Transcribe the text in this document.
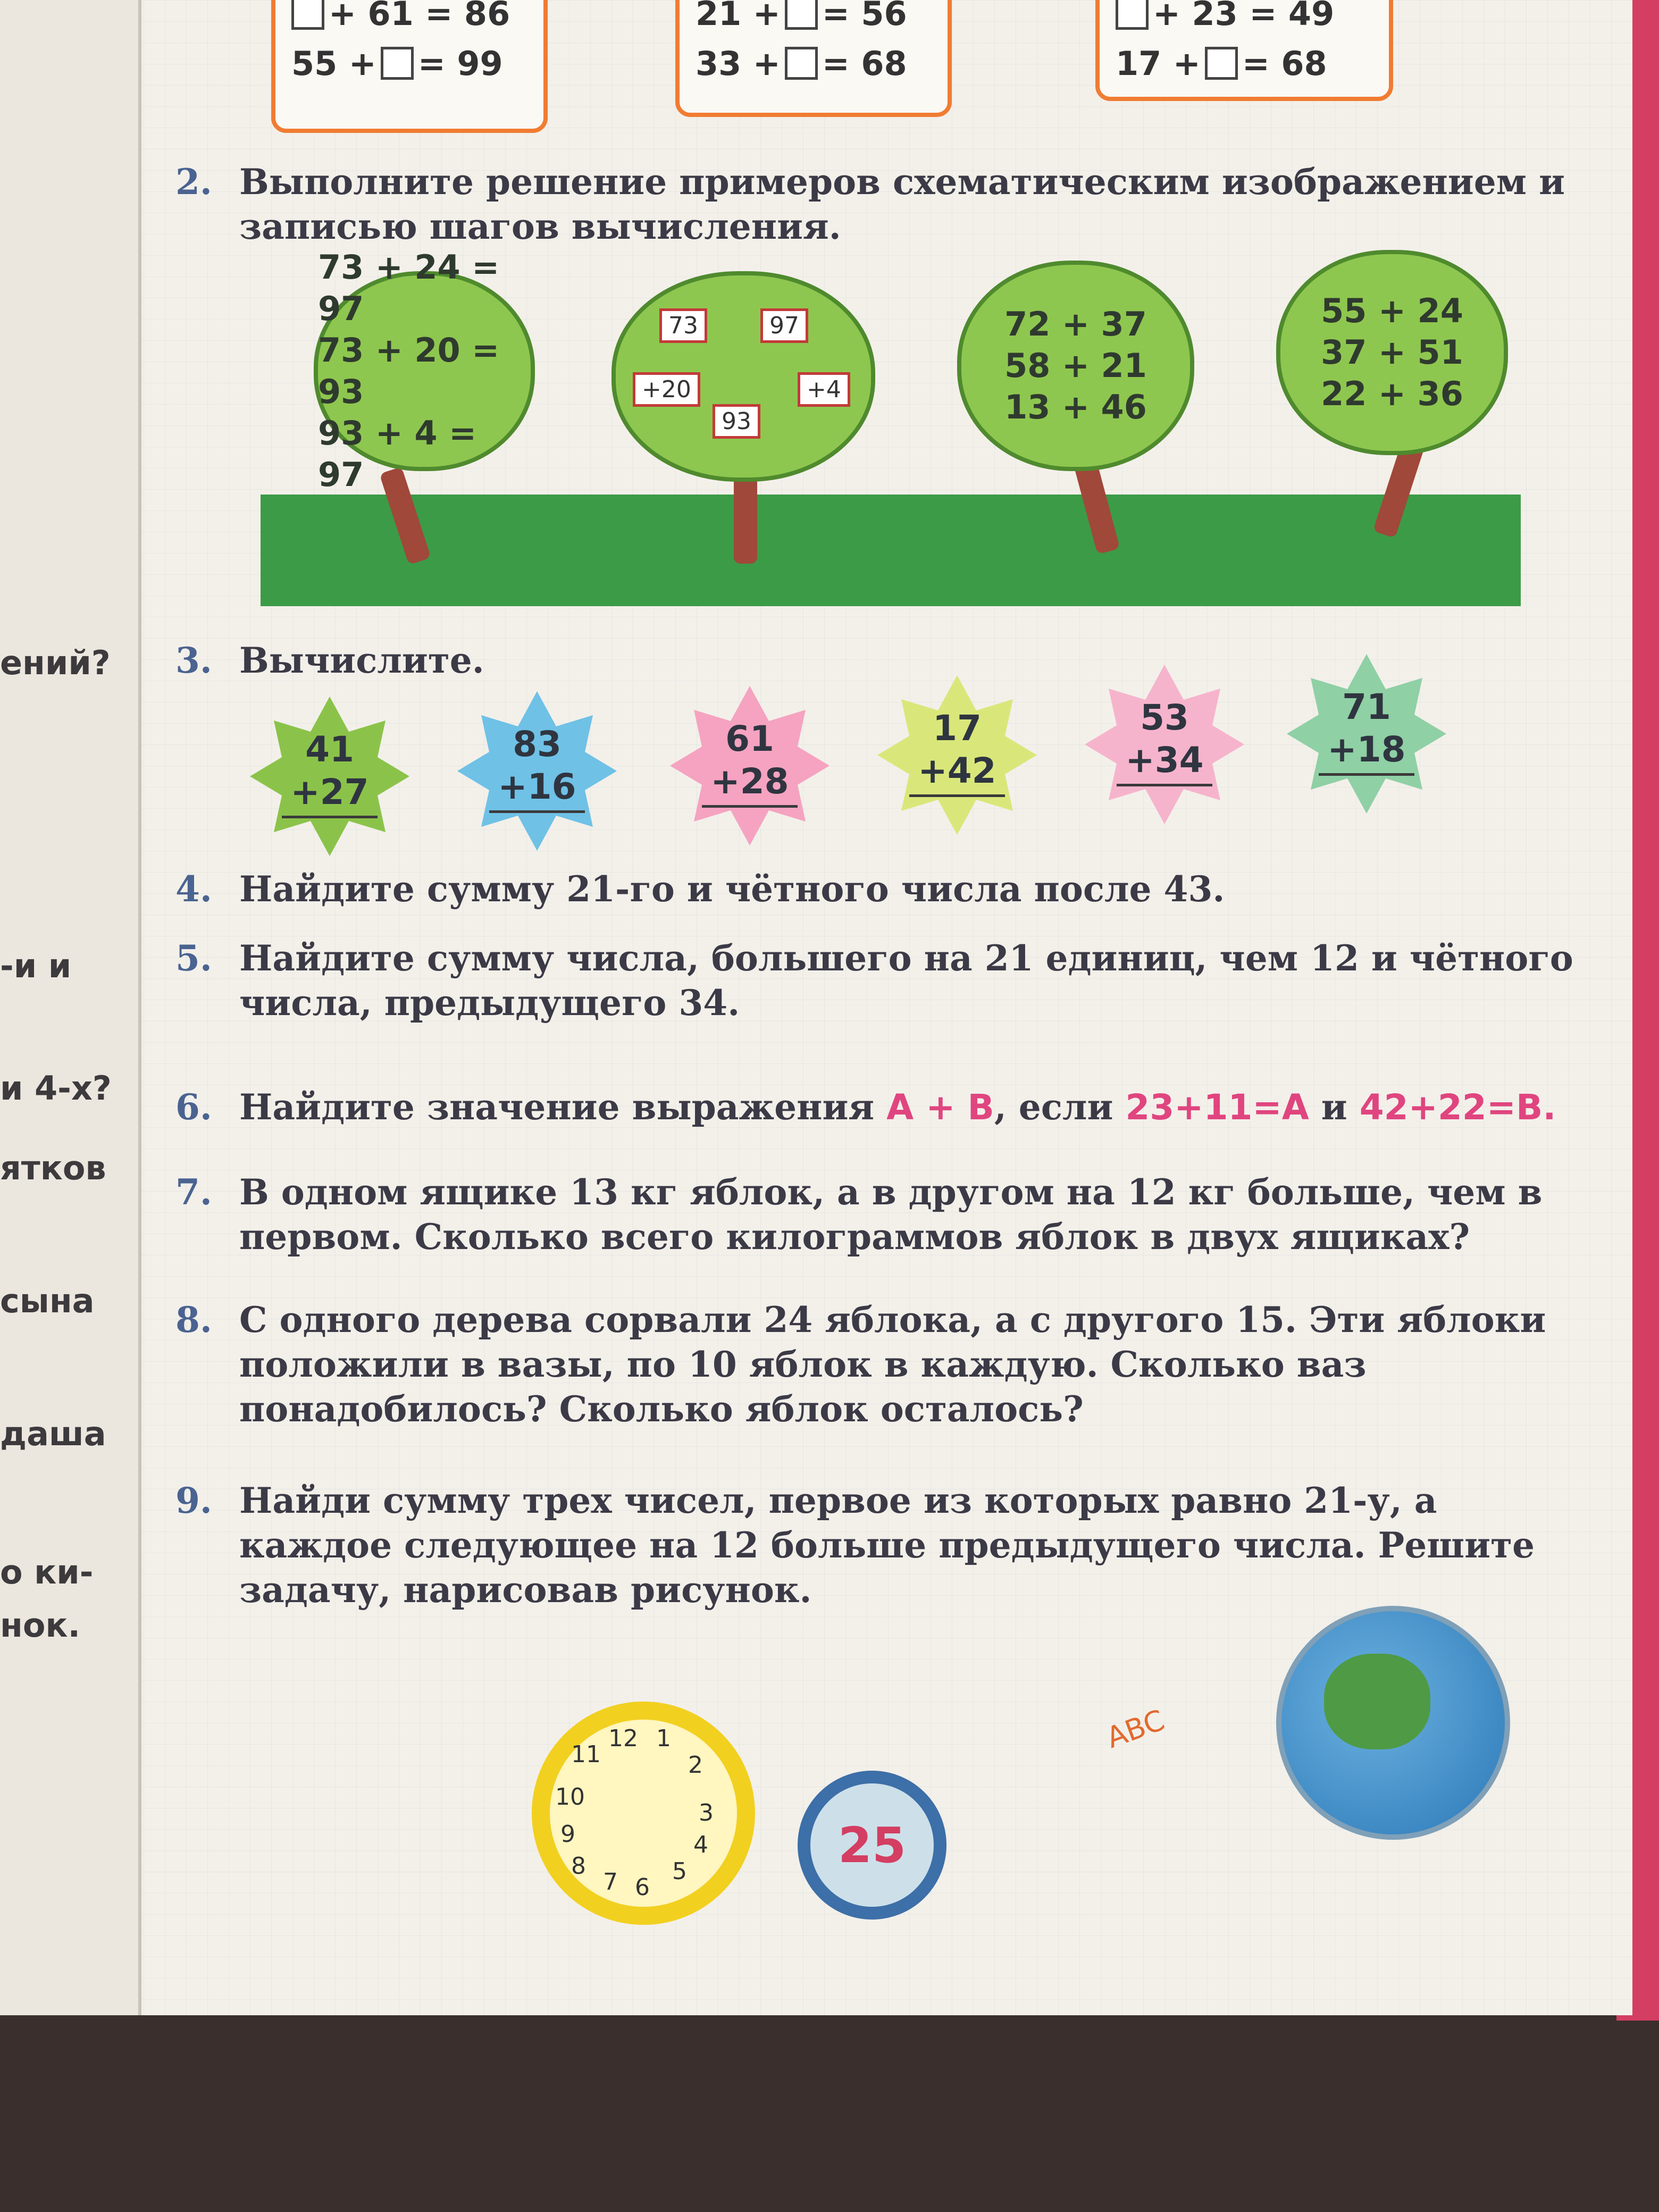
ений?
-и и
и 4-х?
ятков
сына
даша
о ки-
нок.
+ 61 = 86
55 + = 99
21 + = 56
33 + = 68
+ 23 = 49
17 + = 68
2. Выполните решение примеров схематическим изображением и записью шагов вычисления.
73 + 24 = 97
73 + 20 = 93
93 + 4 = 97
73	97
+20	+4
93
72 + 37
58 + 21
13 + 46
55 + 24
37 + 51
22 + 36
3. Вычислите.
41
+27
83
+16
61
+28
17
+42
53
+34
71
+18
4. Найдите сумму 21-го и чётного числа после 43.
5. Найдите сумму числа, большего на 21 единиц, чем 12 и чётного числа, предыдущего 34.
6. Найдите значение выражения A + B, если 23+11=A и 42+22=B.
7. В одном ящике 13 кг яблок, а в другом на 12 кг больше, чем в первом. Сколько всего килограммов яблок в двух ящиках?
8. С одного дерева сорвали 24 яблока, а с другого 15. Эти яблоки положили в вазы, по 10 яблок в каждую. Сколько ваз понадобилось? Сколько яблок осталось?
9. Найди сумму трех чисел, первое из которых равно 21-у, а каждое следующее на 12 больше предыдущего числа. Решите задачу, нарисовав рисунок.
11
12 1
2
10
3
9	4
8	5
7 6
25
ABC
